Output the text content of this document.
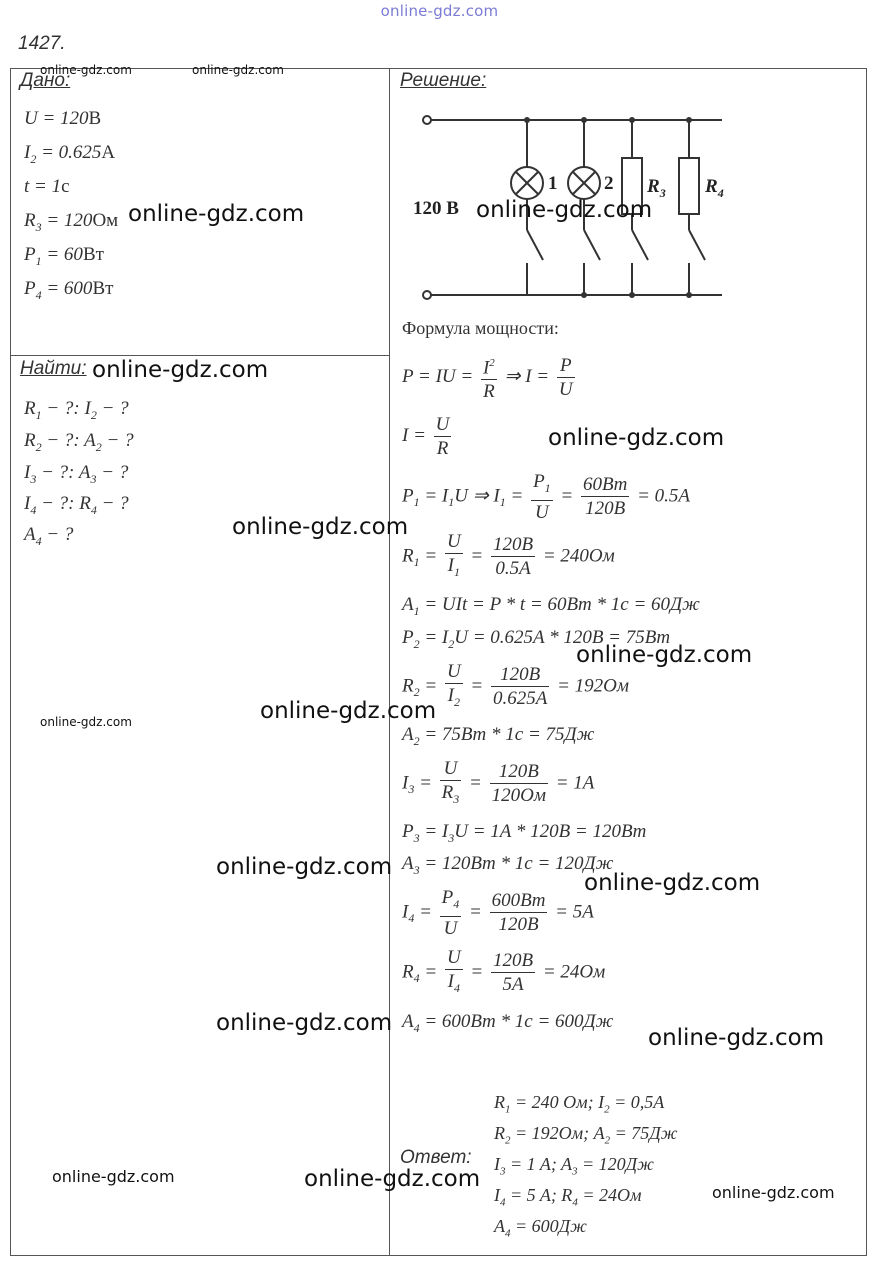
online-gdz.com
1427.
Дано:
U = 120B
$I_2 = 0.625A$
t = 1c
$R_3 = 120Ом$
$P_1 = 60Bт$
$P_4 = 600Bт$
Найти:
$R_1$ − ?: $I_2$ − ?
$R_2$ − ?: $A_2$ − ?
$I_3$ − ?: $A_3$ − ?
$I_4$ − ?: $R_4$ − ?
$A_4$ − ?
Решение:
120 В
1 2 $R_3$ $R_4$
Формула мощности:
P = IU = $\frac{I^2}{R}$ ⇒ $I = \frac{P}{U}$
$I = \frac{U}{R}$
$P_1 = I_1U$ ⇒ $I_1 = \frac{P_1}{U} = \frac{60Bт}{120B} = 0.5A$
$R_1 = \frac{U}{I_1} = \frac{120B}{0.5A} = 240Ом$
$A_1$ = UIt = P * t = 60Bт * 1c = 60Дж
$P_2 = I_2U = 0.625A * 120B = 75Bт$
$R_2 = \frac{U}{I_2} = \frac{120B}{0.625A} = 192Ом$
$A_2 = 75Bт * 1c = 75Дж$
$I_3 = \frac{U}{R_3} = \frac{120B}{120Ом} = 1A$
$P_3 = I_3U = 1A * 120B = 120Bт$
$A_3 = 120Bт * 1c = 120Дж$
$I_4 = \frac{P_4}{U} = \frac{600Bт}{120B} = 5A$
$R_4 = \frac{U}{I_4} = \frac{120B}{5A} = 24Ом$
$A_4 = 600Bт * 1c = 600Дж$
Ответ:
$R_1 = 240$ Ом; $I_2 = 0,5A$
$R_2 = 192Ом$; $A_2 = 75Дж$
$I_3 = 1$ A; $A_3 = 120Дж$
$I_4 = 5$ A; $R_4 = 24Ом$
$A_4 = 600Дж$
online-gdz.com	online-gdz.com
online-gdz.com	online-gdz.com
online-gdz.com
online-gdz.com
online-gdz.com
online-gdz.com
online-gdz.com	online-gdz.com
online-gdz.com
online-gdz.com
online-gdz.com
online-gdz.com
online-gdz.com	online-gdz.com
online-gdz.com
